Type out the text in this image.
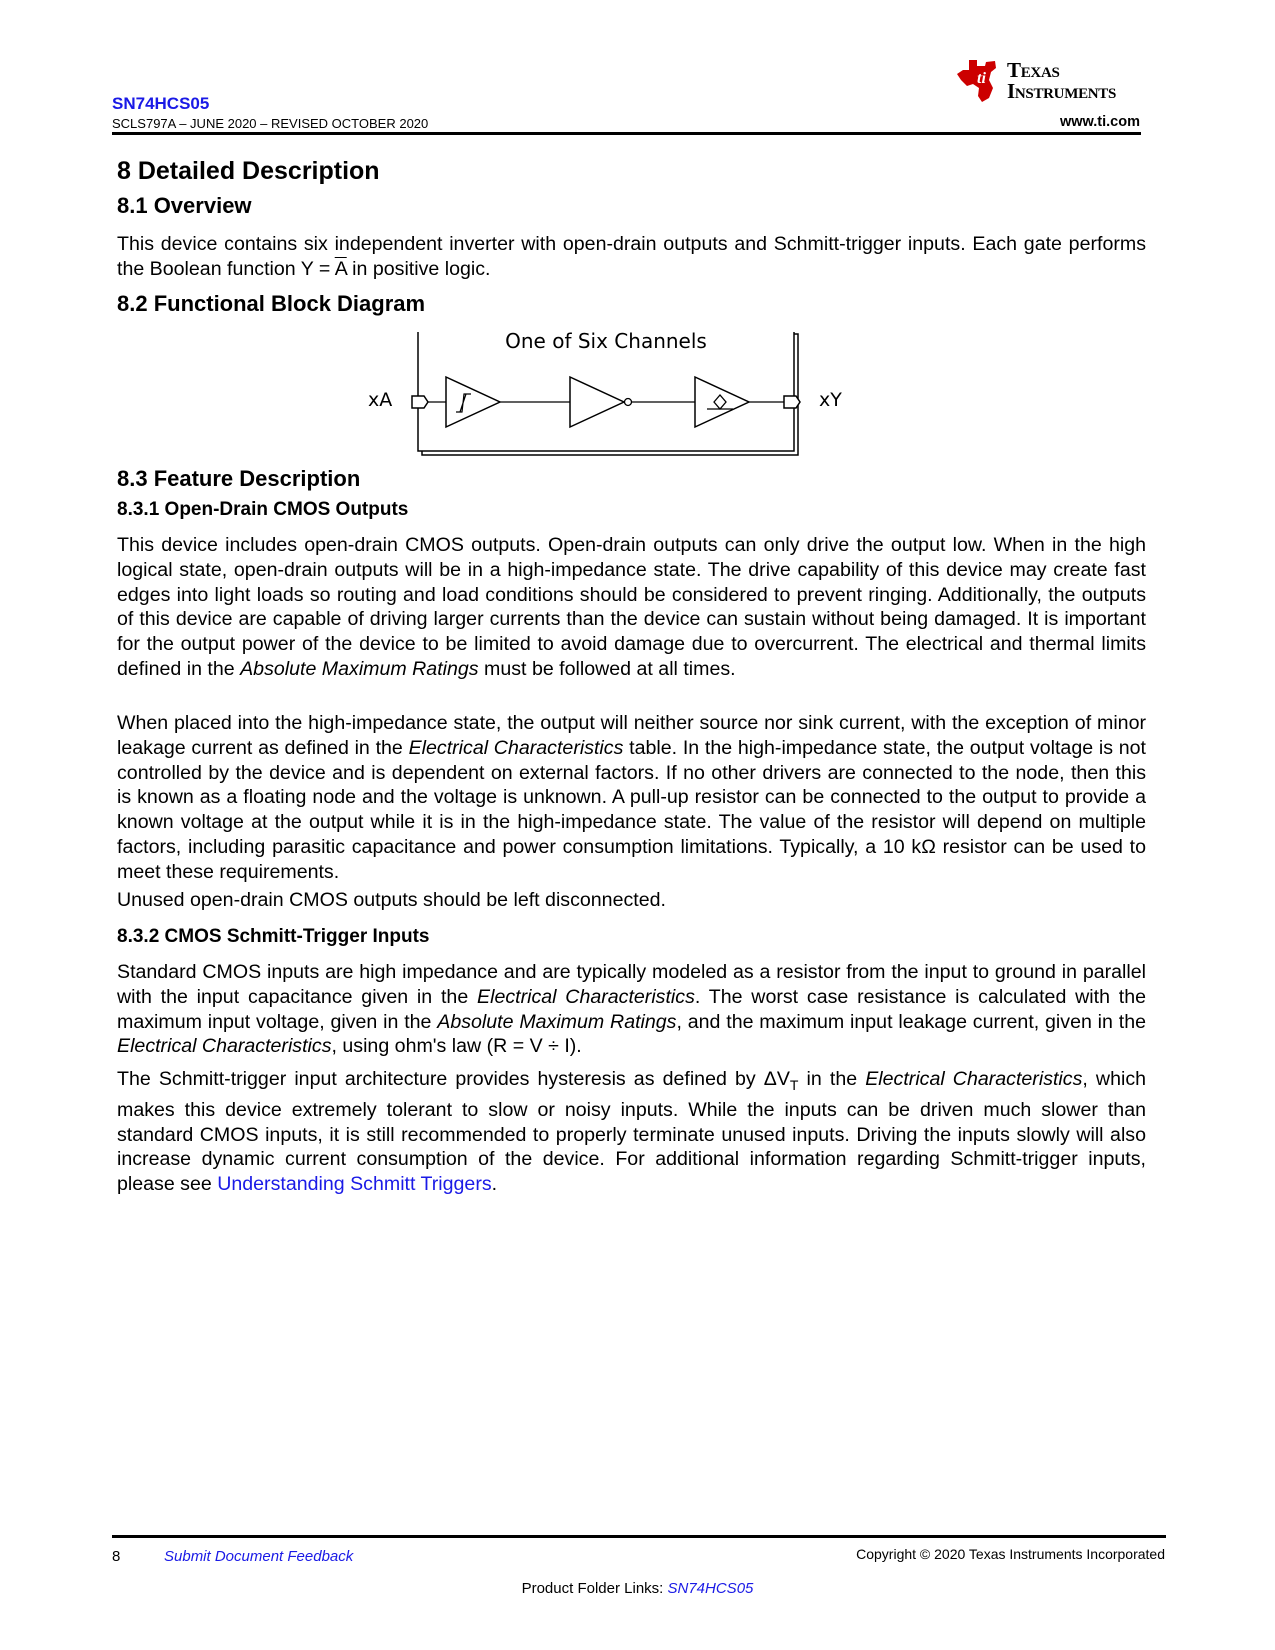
SN74HCS05
SCLS797A – JUNE 2020 – REVISED OCTOBER 2020	www.ti.com
ti Texas
Instruments
8 Detailed Description
8.1 Overview

This device contains six independent inverter with open-drain outputs and Schmitt-trigger inputs. Each gate performs the Boolean function $Y = \overline{A}$ in positive logic.

8.2 Functional Block Diagram
One of Six Channels
xA	xY
8.3 Feature Description
8.3.1 Open-Drain CMOS Outputs

This device includes open-drain CMOS outputs. Open-drain outputs can only drive the output low. When in the high logical state, open-drain outputs will be in a high-impedance state. The drive capability of this device may create fast edges into light loads so routing and load conditions should be considered to prevent ringing. Additionally, the outputs of this device are capable of driving larger currents than the device can sustain without being damaged. It is important for the output power of the device to be limited to avoid damage due to overcurrent. The electrical and thermal limits defined in the Absolute Maximum Ratings must be followed at all times.

When placed into the high-impedance state, the output will neither source nor sink current, with the exception of minor leakage current as defined in the Electrical Characteristics table. In the high-impedance state, the output voltage is not controlled by the device and is dependent on external factors. If no other drivers are connected to the node, then this is known as a floating node and the voltage is unknown. A pull-up resistor can be connected to the output to provide a known voltage at the output while it is in the high-impedance state. The value of the resistor will depend on multiple factors, including parasitic capacitance and power consumption limitations. Typically, a 10 kΩ resistor can be used to meet these requirements.

Unused open-drain CMOS outputs should be left disconnected.

8.3.2 CMOS Schmitt-Trigger Inputs

Standard CMOS inputs are high impedance and are typically modeled as a resistor from the input to ground in parallel with the input capacitance given in the Electrical Characteristics. The worst case resistance is calculated with the maximum input voltage, given in the Absolute Maximum Ratings, and the maximum input leakage current, given in the Electrical Characteristics, using ohm's law (R = V ÷ I).

The Schmitt-trigger input architecture provides hysteresis as defined by $\Delta V_T$ in the Electrical Characteristics, which makes this device extremely tolerant to slow or noisy inputs. While the inputs can be driven much slower than standard CMOS inputs, it is still recommended to properly terminate unused inputs. Driving the inputs slowly will also increase dynamic current consumption of the device. For additional information regarding Schmitt-trigger inputs, please see Understanding Schmitt Triggers.

8	Submit Document Feedback	Copyright © 2020 Texas Instruments Incorporated
Product Folder Links: SN74HCS05
